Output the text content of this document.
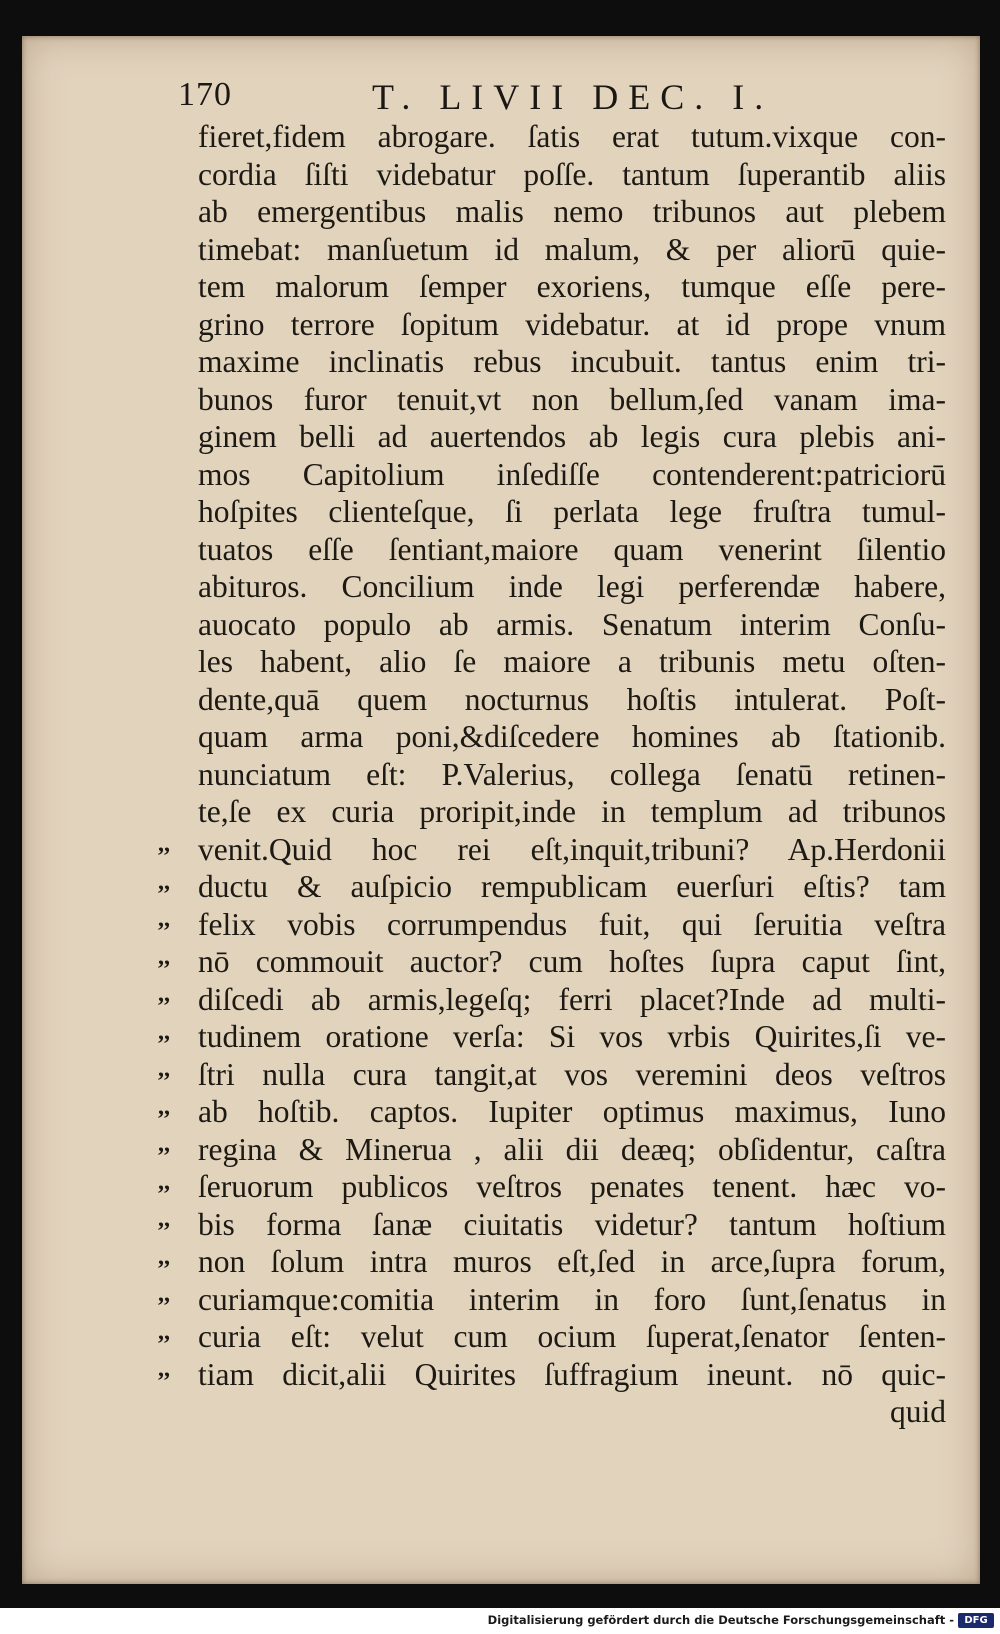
170	T. LIVII DEC. I.
fieret,fidem abrogare. ſatis erat tutum.vixque con-
cordia ſiſti videbatur poſſe. tantum ſuperantib aliis
ab emergentibus malis nemo tribunos aut plebem
timebat: manſuetum id malum, & per aliorū quie-
tem malorum ſemper exoriens, tumque eſſe pere-
grino terrore ſopitum videbatur. at id prope vnum
maxime inclinatis rebus incubuit. tantus enim tri-
bunos furor tenuit,vt non bellum,ſed vanam ima-
ginem belli ad auertendos ab legis cura plebis ani-
mos Capitolium inſediſſe contenderent:patriciorū
hoſpites clienteſque, ſi perlata lege fruſtra tumul-
tuatos eſſe ſentiant,maiore quam venerint ſilentio
abituros. Concilium inde legi perferendæ habere,
auocato populo ab armis. Senatum interim Conſu-
les habent, alio ſe maiore a tribunis metu oſten-
dente,quā quem nocturnus hoſtis intulerat. Poſt-
quam arma poni,&diſcedere homines ab ſtationib.
nunciatum eſt: P.Valerius, collega ſenatū retinen-
te,ſe ex curia proripit,inde in templum ad tribunos
venit.Quid hoc rei eſt,inquit,tribuni? Ap.Herdonii
ductu & auſpicio rempublicam euerſuri eſtis? tam
felix vobis corrumpendus fuit, qui ſeruitia veſtra
nō commouit auctor? cum hoſtes ſupra caput ſint,
diſcedi ab armis,legeſq; ferri placet?Inde ad multi-
tudinem oratione verſa: Si vos vrbis Quirites,ſi ve-
ſtri nulla cura tangit,at vos veremini deos veſtros
ab hoſtib. captos. Iupiter optimus maximus, Iuno
regina & Minerua , alii dii deæq; obſidentur, caſtra
ſeruorum publicos veſtros penates tenent. hæc vo-
bis forma ſanæ ciuitatis videtur? tantum hoſtium
non ſolum intra muros eſt,ſed in arce,ſupra forum,
curiamque:comitia interim in foro ſunt,ſenatus in
curia eſt: velut cum ocium ſuperat,ſenator ſenten-
tiam dicit,alii Quirites ſuffragium ineunt. nō quic-
quid
,,
,,
,,
,,
,,
,,
,,
,,
,,
,,
,,
,,
,,
,,
,,
Digitalisierung gefördert durch die Deutsche Forschungsgemeinschaft -	DFG
